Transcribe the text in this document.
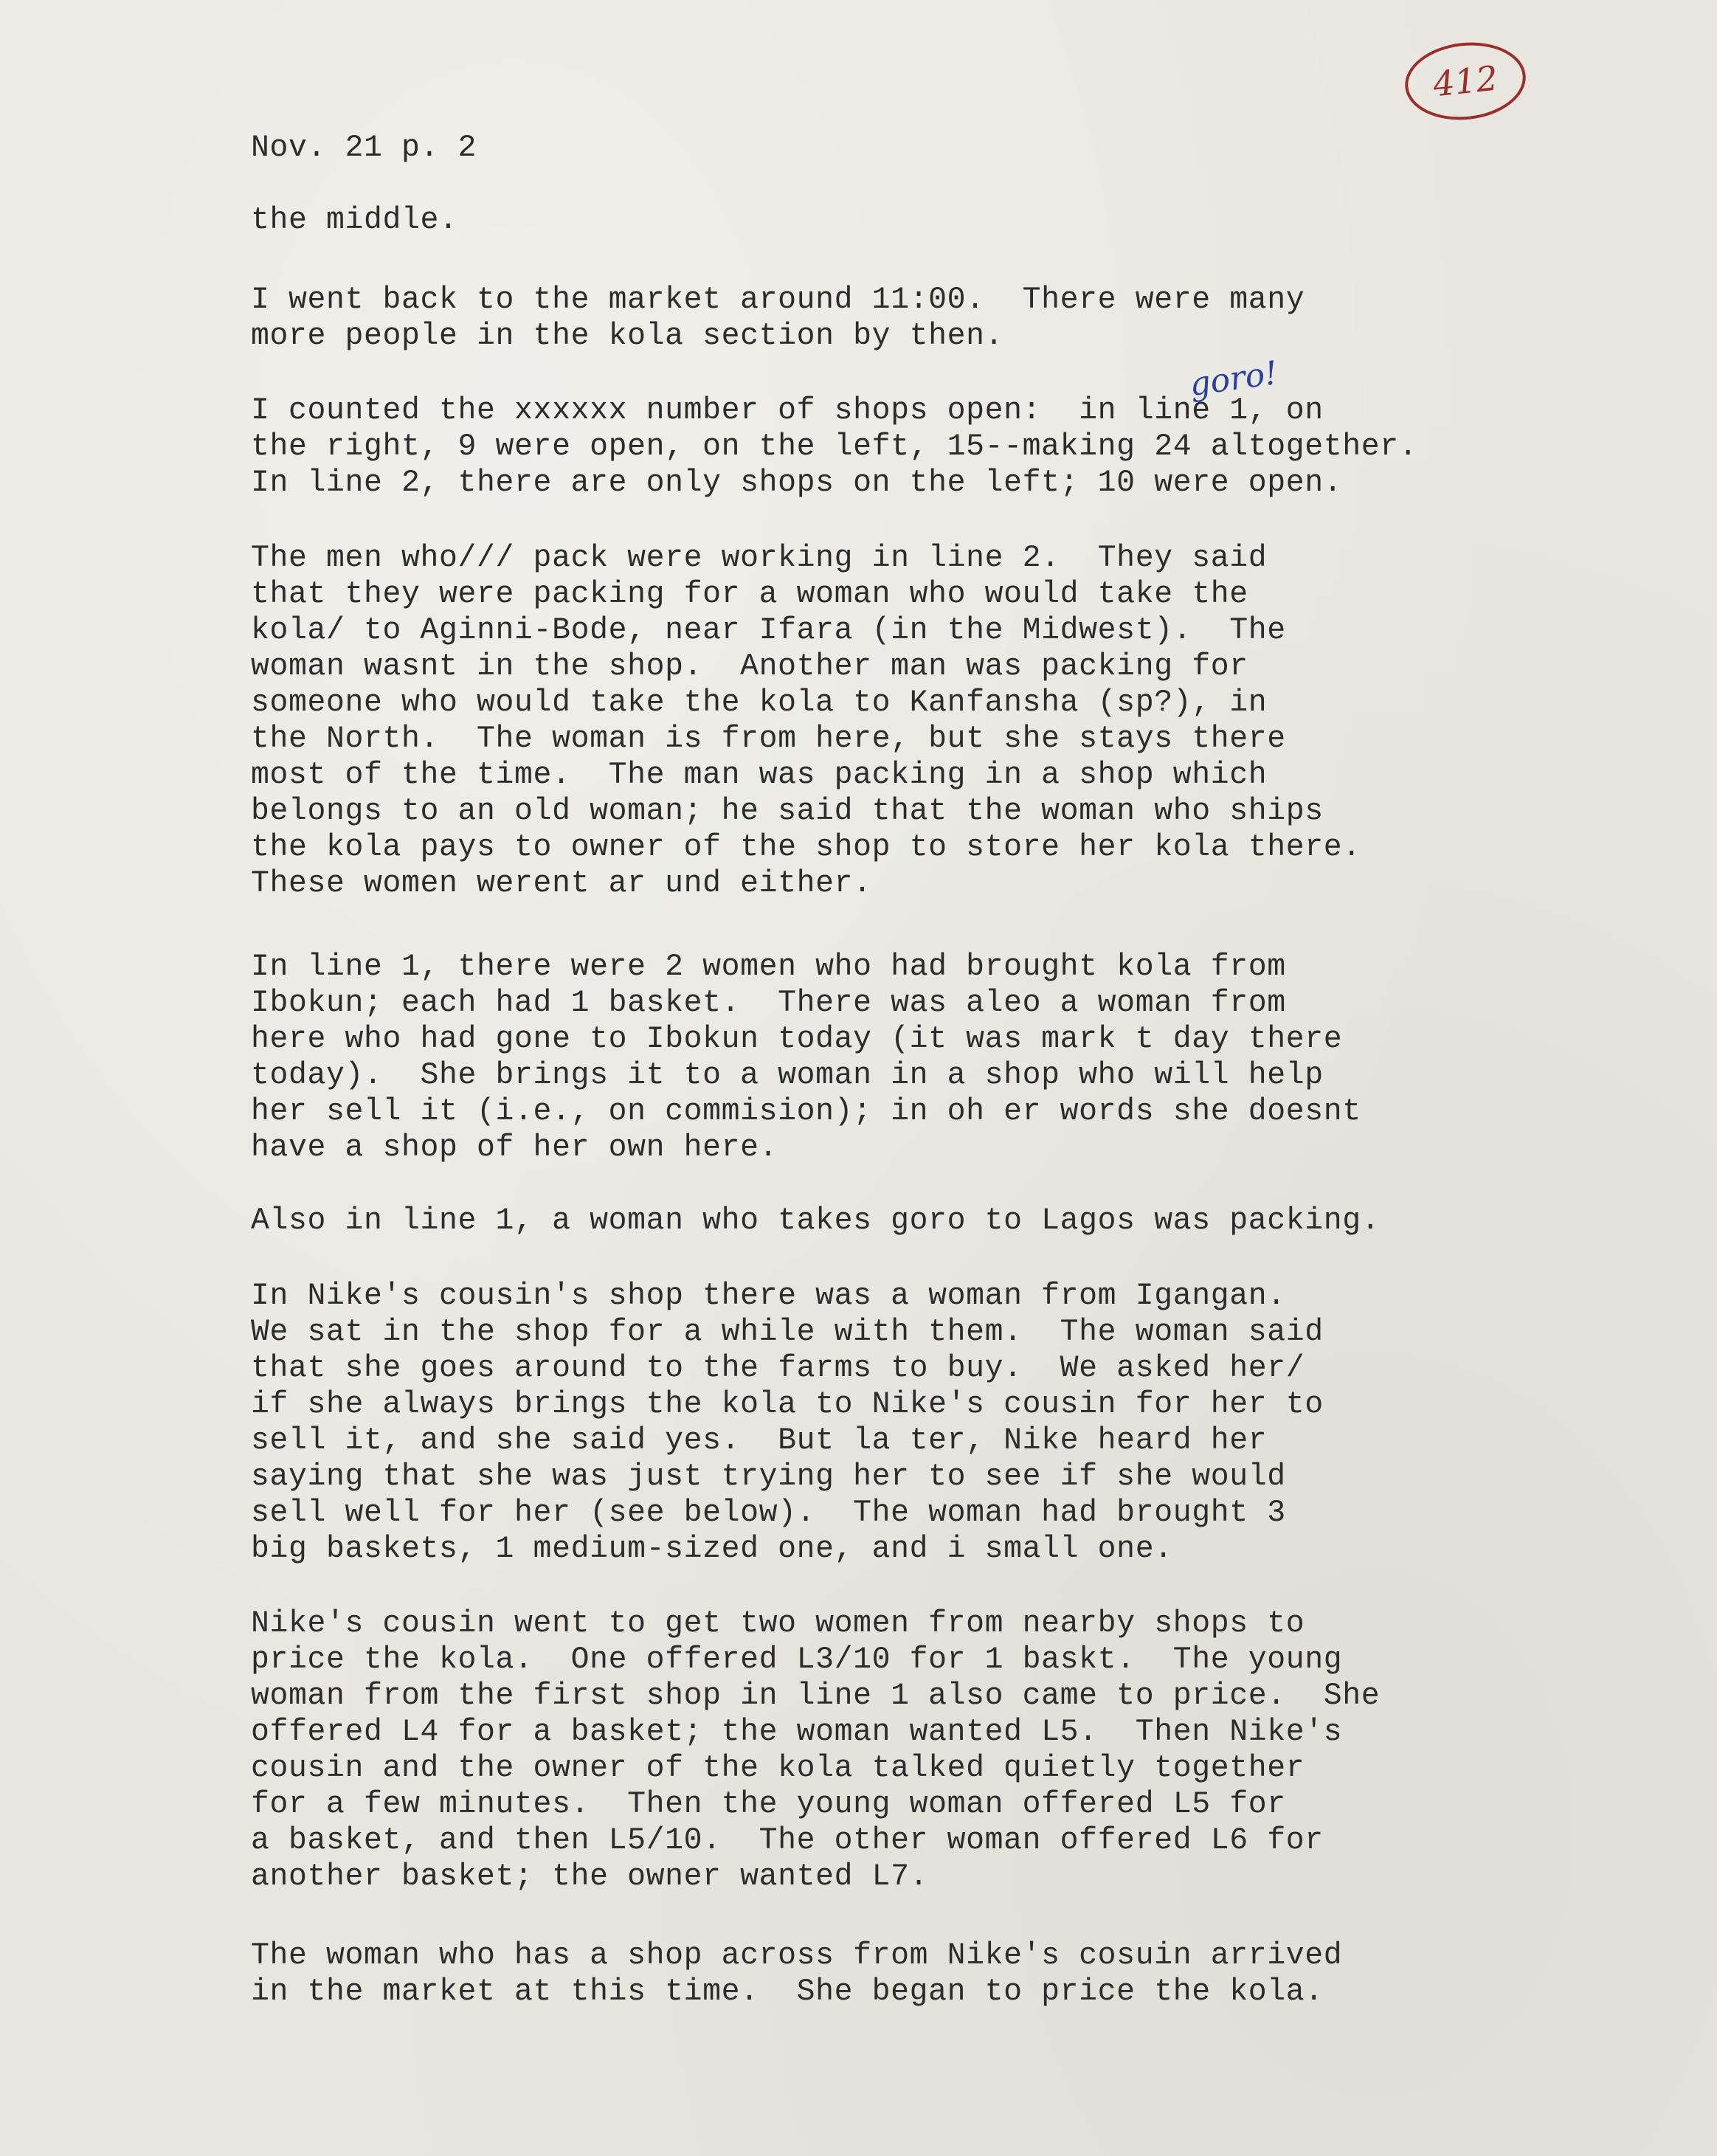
412
Nov. 21 p. 2
goro!
the middle.
I went back to the market around 11:00.  There were many
more people in the kola section by then.
I counted the xxxxxx number of shops open:  in line 1, on
the right, 9 were open, on the left, 15--making 24 altogether.
In line 2, there are only shops on the left; 10 were open.
The men who/// pack were working in line 2.  They said
that they were packing for a woman who would take the
kola/ to Aginni-Bode, near Ifara (in the Midwest).  The
woman wasnt in the shop.  Another man was packing for
someone who would take the kola to Kanfansha (sp?), in
the North.  The woman is from here, but she stays there
most of the time.  The man was packing in a shop which
belongs to an old woman; he said that the woman who ships
the kola pays to owner of the shop to store her kola there.
These women werent ar und either.
In line 1, there were 2 women who had brought kola from
Ibokun; each had 1 basket.  There was aleo a woman from
here who had gone to Ibokun today (it was mark t day there
today).  She brings it to a woman in a shop who will help
her sell it (i.e., on commision); in oh er words she doesnt
have a shop of her own here.
Also in line 1, a woman who takes goro to Lagos was packing.
In Nike's cousin's shop there was a woman from Igangan.
We sat in the shop for a while with them.  The woman said
that she goes around to the farms to buy.  We asked her/
if she always brings the kola to Nike's cousin for her to
sell it, and she said yes.  But la ter, Nike heard her
saying that she was just trying her to see if she would
sell well for her (see below).  The woman had brought 3
big baskets, 1 medium-sized one, and i small one.
Nike's cousin went to get two women from nearby shops to
price the kola.  One offered L3/10 for 1 baskt.  The young
woman from the first shop in line 1 also came to price.  She
offered L4 for a basket; the woman wanted L5.  Then Nike's
cousin and the owner of the kola talked quietly together
for a few minutes.  Then the young woman offered L5 for
a basket, and then L5/10.  The other woman offered L6 for
another basket; the owner wanted L7.
The woman who has a shop across from Nike's cosuin arrived
in the market at this time.  She began to price the kola.
